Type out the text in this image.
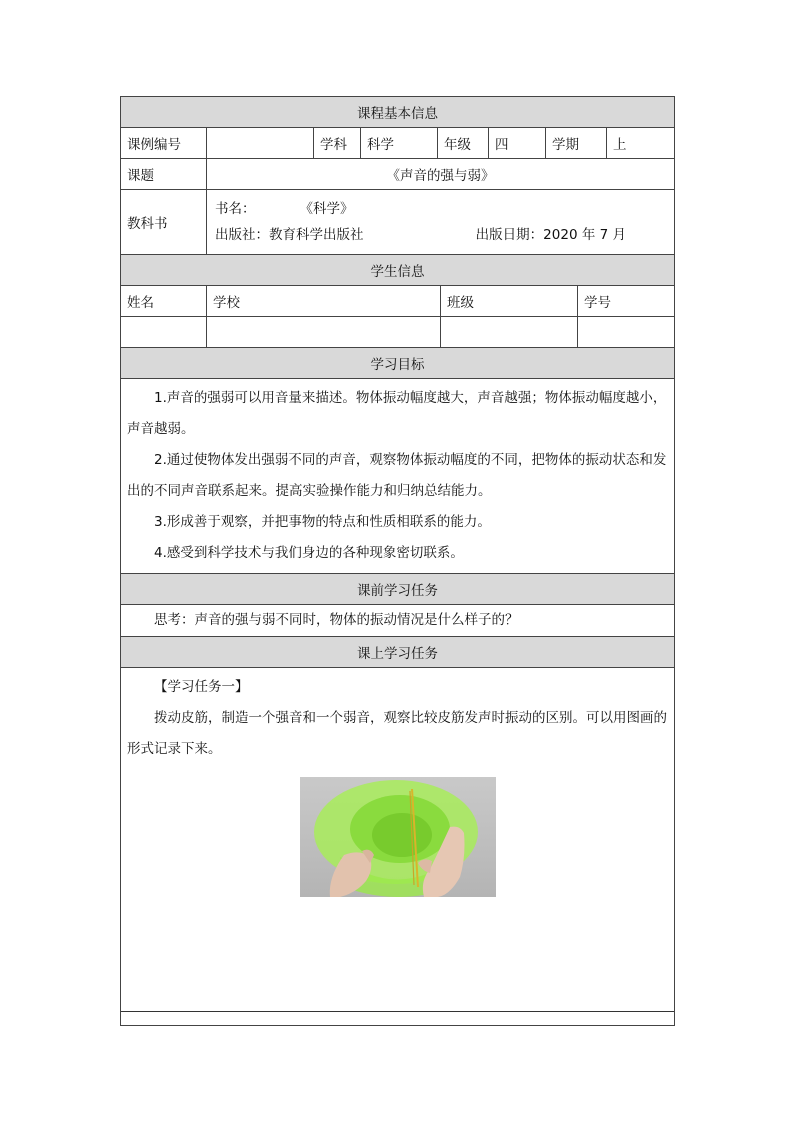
课程基本信息							
课例编号		学科	科学	年级	四	学期	上
课题	《声音的强与弱》						
教科书	书名： 《科学》
出版社：教育科学出版社 出版日期：2020 年 7 月						
学生信息			
姓名	学校	班级	学号

学习目标

1.声音的强弱可以用音量来描述。物体振动幅度越大，声音越强；物体振动幅度越小，声音越弱。

2.通过使物体发出强弱不同的声音，观察物体振动幅度的不同，把物体的振动状态和发出的不同声音联系起来。提高实验操作能力和归纳总结能力。

3.形成善于观察，并把事物的特点和性质相联系的能力。

4.感受到科学技术与我们身边的各种现象密切联系。

课前学习任务

思考：声音的强与弱不同时，物体的振动情况是什么样子的？

课上学习任务

【学习任务一】

拨动皮筋，制造一个强音和一个弱音，观察比较皮筋发声时振动的区别。可以用图画的形式记录下来。
